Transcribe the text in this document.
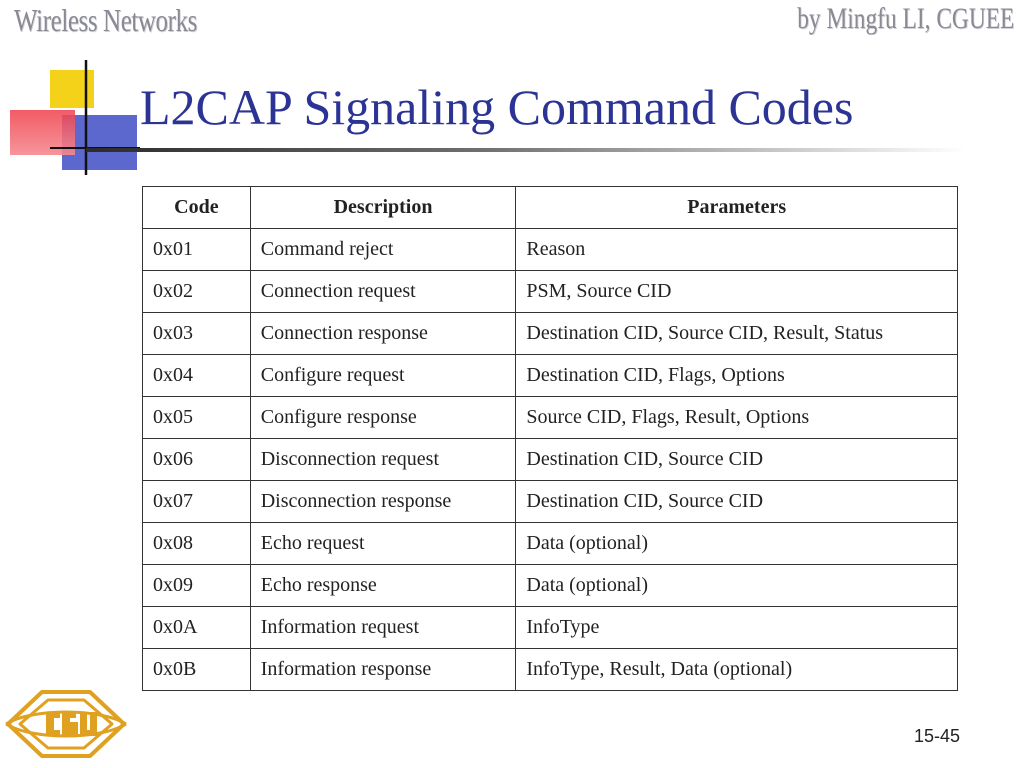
Wireless Networks	by Mingfu LI, CGUEE
L2CAP Signaling Command Codes
Code	Description	Parameters
0x01	Command reject	Reason
0x02	Connection request	PSM, Source CID
0x03	Connection response	Destination CID, Source CID, Result, Status
0x04	Configure request	Destination CID, Flags, Options
0x05	Configure response	Source CID, Flags, Result, Options
0x06	Disconnection request	Destination CID, Source CID
0x07	Disconnection response	Destination CID, Source CID
0x08	Echo request	Data (optional)
0x09	Echo response	Data (optional)
0x0A	Information request	InfoType
0x0B	Information response	InfoType, Result, Data (optional)
15-45
